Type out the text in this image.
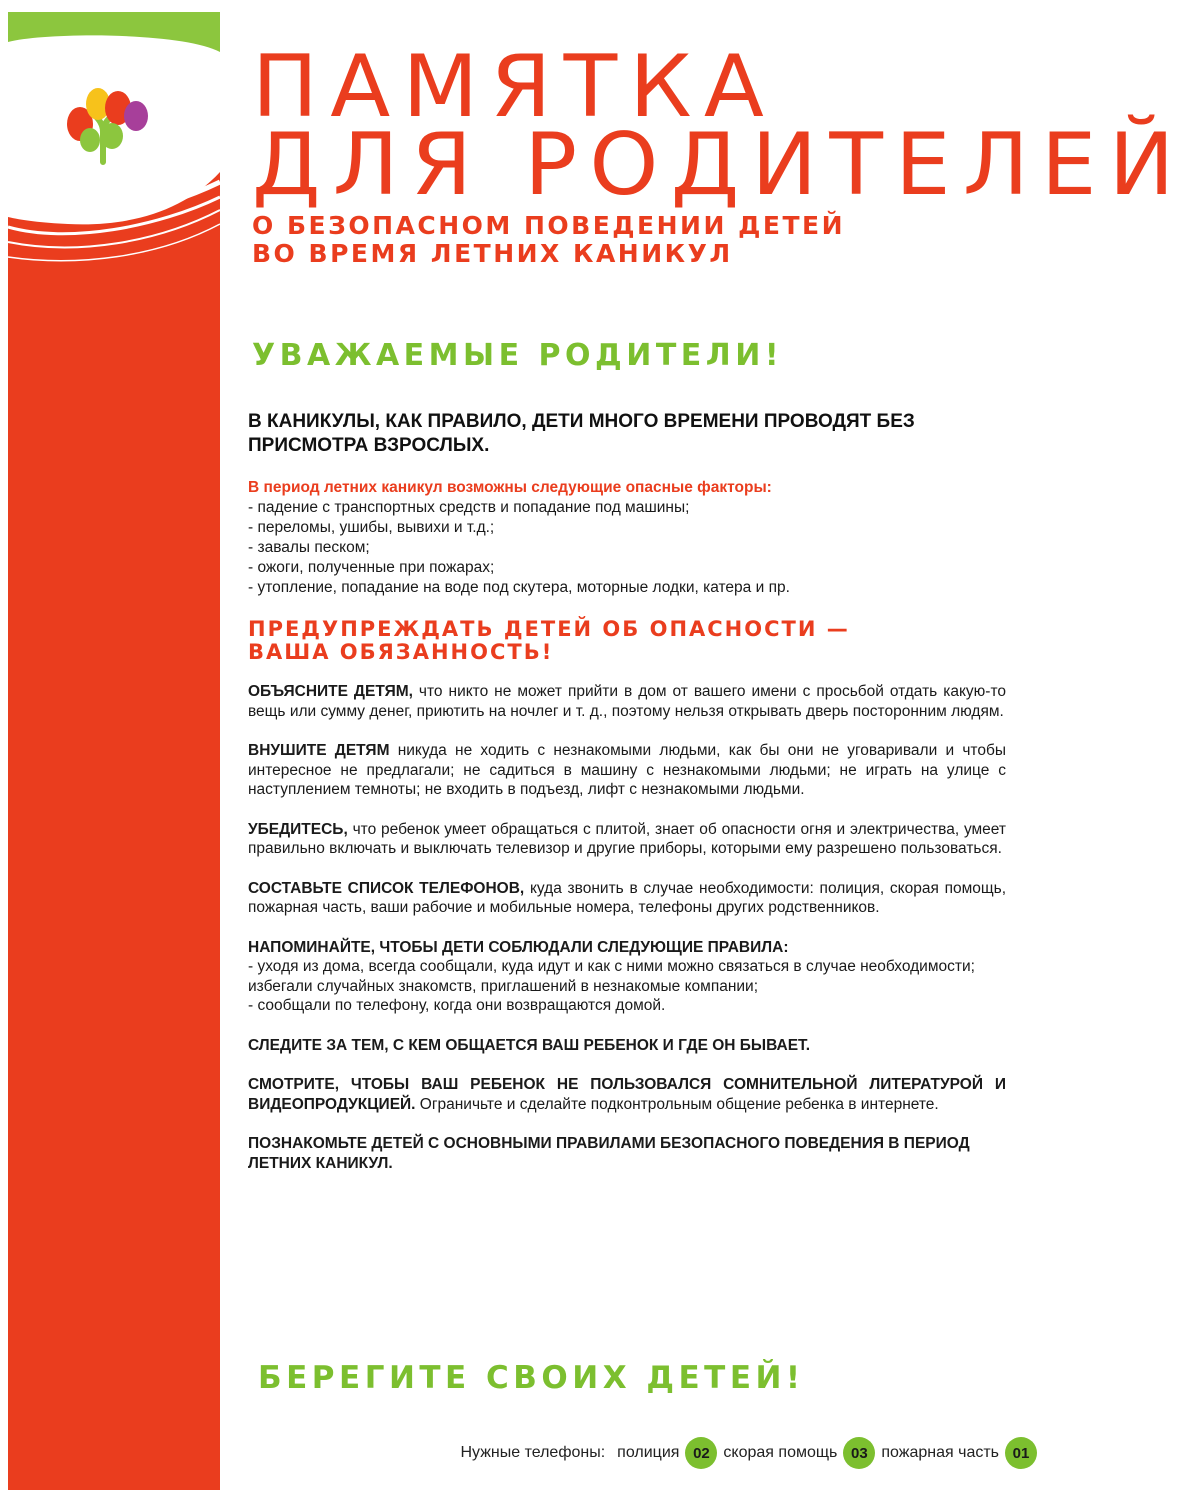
ЦЕНТР
СЕМЕЙНОГО
МАСТЕРСТВА
ПАМЯТКА
ДЛЯ РОДИТЕЛЕЙ
О БЕЗОПАСНОМ ПОВЕДЕНИИ ДЕТЕЙ
ВО ВРЕМЯ ЛЕТНИХ КАНИКУЛ
УВАЖАЕМЫЕ РОДИТЕЛИ!

В КАНИКУЛЫ, КАК ПРАВИЛО, ДЕТИ МНОГО ВРЕМЕНИ ПРОВОДЯТ БЕЗ ПРИСМОТРА ВЗРОСЛЫХ.

В период летних каникул возможны следующие опасные факторы:
- падение с транспортных средств и попадание под машины;
- переломы, ушибы, вывихи и т.д.;
- завалы песком;
- ожоги, полученные при пожарах;
- утопление, попадание на воде под скутера, моторные лодки, катера и пр.
ПРЕДУПРЕЖДАТЬ ДЕТЕЙ ОБ ОПАСНОСТИ —
ВАША ОБЯЗАННОСТЬ!

ОБЪЯСНИТЕ ДЕТЯМ, что никто не может прийти в дом от вашего имени с просьбой отдать какую-то вещь или сумму денег, приютить на ночлег и т. д., поэтому нельзя открывать дверь посторонним людям.

ВНУШИТЕ ДЕТЯМ никуда не ходить с незнакомыми людьми, как бы они не уговаривали и чтобы интересное не предлагали; не садиться в машину с незнакомыми людьми; не играть на улице с наступлением темноты; не входить в подъезд, лифт с незнакомыми людьми.

УБЕДИТЕСЬ, что ребенок умеет обращаться с плитой, знает об опасности огня и электричества, умеет правильно включать и выключать телевизор и другие приборы, которыми ему разрешено пользоваться.

СОСТАВЬТЕ СПИСОК ТЕЛЕФОНОВ, куда звонить в случае необходимости: полиция, скорая помощь, пожарная часть, ваши рабочие и мобильные номера, телефоны других родственников.

НАПОМИНАЙТЕ, ЧТОБЫ ДЕТИ СОБЛЮДАЛИ СЛЕДУЮЩИЕ ПРАВИЛА:
- уходя из дома, всегда сообщали, куда идут и как с ними можно связаться в случае необходимости;
избегали случайных знакомств, приглашений в незнакомые компании;
- сообщали по телефону, когда они возвращаются домой.

СЛЕДИТЕ ЗА ТЕМ, С КЕМ ОБЩАЕТСЯ ВАШ РЕБЕНОК И ГДЕ ОН БЫВАЕТ.

СМОТРИТЕ, ЧТОБЫ ВАШ РЕБЕНОК НЕ ПОЛЬЗОВАЛСЯ СОМНИТЕЛЬНОЙ ЛИТЕРАТУРОЙ И ВИДЕОПРОДУКЦИЕЙ. Ограничьте и сделайте подконтрольным общение ребенка в интернете.

ПОЗНАКОМЬТЕ ДЕТЕЙ С ОСНОВНЫМИ ПРАВИЛАМИ БЕЗОПАСНОГО ПОВЕДЕНИЯ В ПЕРИОД ЛЕТНИХ КАНИКУЛ.

БЕРЕГИТЕ СВОИХ ДЕТЕЙ!
Нужные телефоны: полиция 02 скорая помощь 03 пожарная часть 01
